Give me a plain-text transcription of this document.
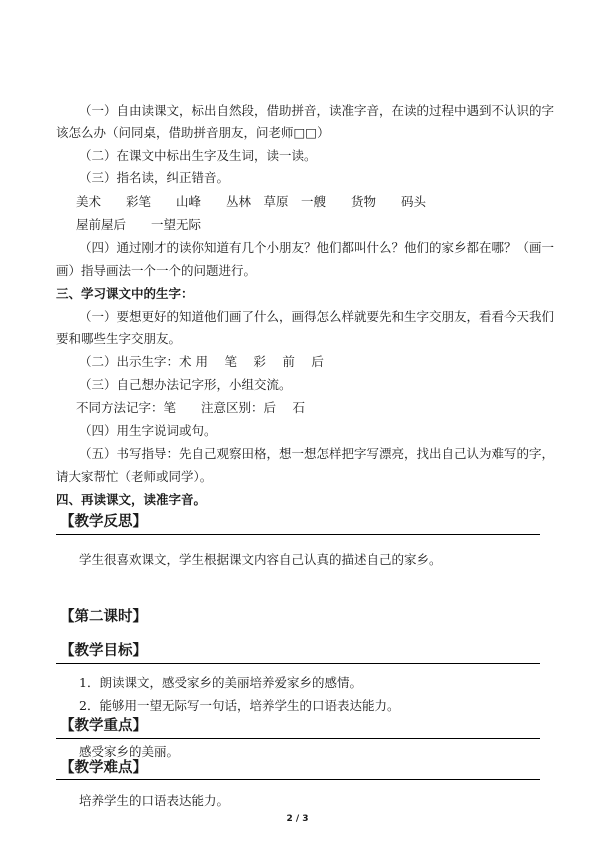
（一）自由读课文，标出自然段，借助拼音，读准字音，在读的过程中遇到不认识的字
该怎么办（问同桌，借助拼音朋友，问老师□□）
（二）在课文中标出生字及生词，读一读。
（三）指名读，纠正错音。
美术　　彩笔　　山峰　　丛林　草原　一艘　　货物　　码头
屋前屋后　　一望无际
（四）通过刚才的读你知道有几个小朋友？他们都叫什么？他们的家乡都在哪？（画一
画）指导画法一个一个的问题进行。
三、学习课文中的生字：
（一）要想更好的知道他们画了什么，画得怎么样就要先和生字交朋友，看看今天我们
要和哪些生字交朋友。
（二）出示生字：术 用　 笔　 彩　 前　 后
（三）自己想办法记字形，小组交流。
不同方法记字：笔　　注意区别：后　 石
（四）用生字说词或句。
（五）书写指导：先自己观察田格，想一想怎样把字写漂亮，找出自己认为难写的字，
请大家帮忙（老师或同学）。
四、再读课文，读准字音。
【教学反思】
学生很喜欢课文，学生根据课文内容自己认真的描述自己的家乡。
【第二课时】
【教学目标】
1．朗读课文，感受家乡的美丽培养爱家乡的感情。
2．能够用一望无际写一句话，培养学生的口语表达能力。
【教学重点】
感受家乡的美丽。
【教学难点】
培养学生的口语表达能力。
2 / 3
